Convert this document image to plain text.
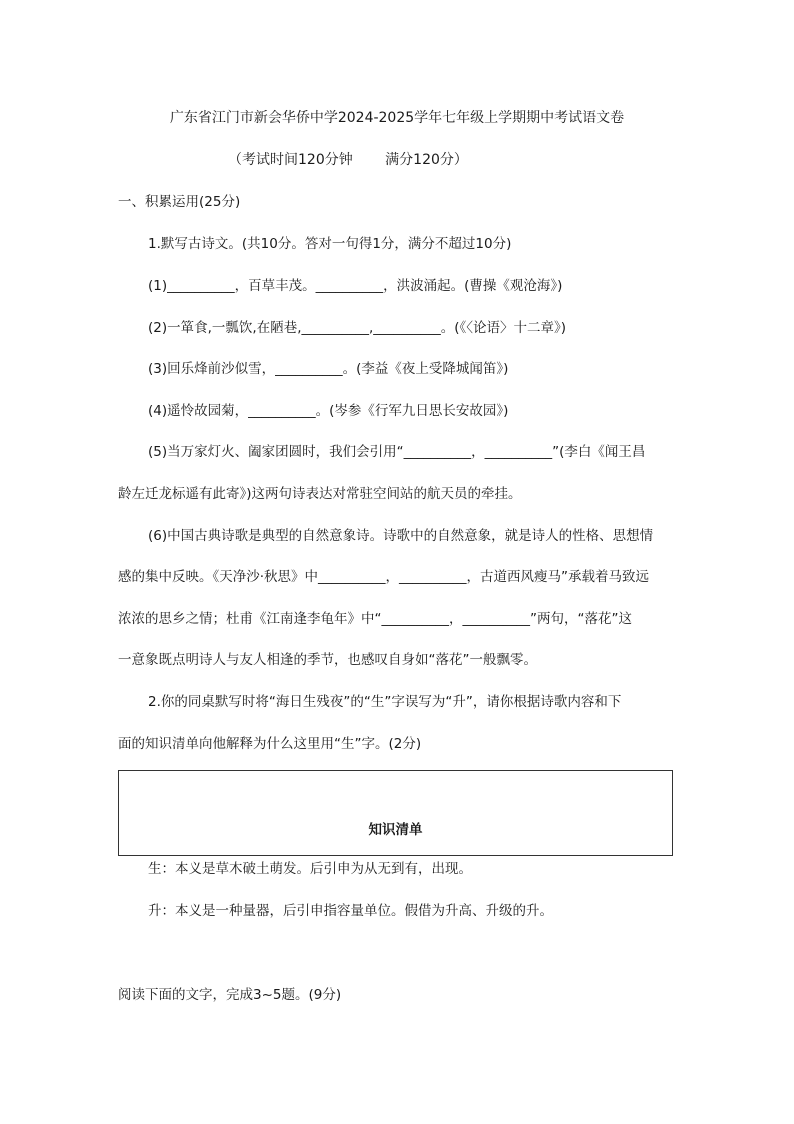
广东省江门市新会华侨中学2024-2025学年七年级上学期期中考试语文卷
（考试时间120分钟　　 满分120分）
一、积累运用(25分)
1.默写古诗文。(共10分。答对一句得1分，满分不超过10分)
(1)__________，百草丰茂。__________，洪波涌起。(曹操《观沧海》)
(2)一箪食,一瓢饮,在陋巷,__________,__________。(《〈论语〉十二章》)
(3)回乐烽前沙似雪，__________。(李益《夜上受降城闻笛》)
(4)遥怜故园菊，__________。(岑参《行军九日思长安故园》)
(5)当万家灯火、阖家团圆时，我们会引用“__________，__________”(李白《闻王昌
龄左迁龙标遥有此寄》)这两句诗表达对常驻空间站的航天员的牵挂。
(6)中国古典诗歌是典型的自然意象诗。诗歌中的自然意象，就是诗人的性格、思想情
感的集中反映。《天净沙·秋思》中__________，__________，古道西风瘦马”承载着马致远
浓浓的思乡之情；杜甫《江南逢李龟年》中“__________，__________”两句，“落花”这
一意象既点明诗人与友人相逢的季节，也感叹自身如“落花”一般飘零。
2.你的同桌默写时将“海日生残夜”的“生”字误写为“升”，请你根据诗歌内容和下
面的知识清单向他解释为什么这里用“生”字。(2分)
知识清单
生：本义是草木破土萌发。后引申为从无到有，出现。
升：本义是一种量器，后引申指容量单位。假借为升高、升级的升。
阅读下面的文字，完成3~5题。(9分)
